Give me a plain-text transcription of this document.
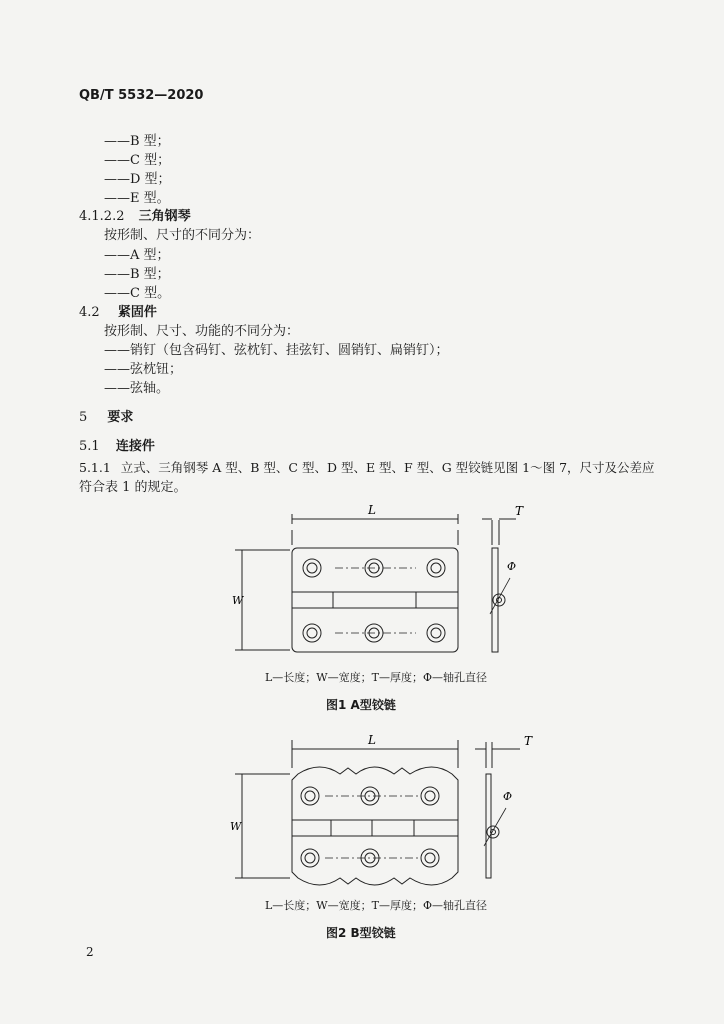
QB/T 5532—2020
——B 型；
——C 型；
——D 型；
——E 型。
4.1.2.2 三角钢琴
按形制、尺寸的不同分为：
——A 型；
——B 型；
——C 型。
4.2 紧固件
按形制、尺寸、功能的不同分为：
——销钉（包含码钉、弦枕钉、挂弦钉、圆销钉、扁销钉）；
——弦枕钮；
——弦轴。
5 要求
5.1 连接件
5.1.1 立式、三角钢琴 A 型、B 型、C 型、D 型、E 型、F 型、G 型铰链见图 1～图 7，尺寸及公差应
符合表 1 的规定。
L	T
W
Φ
L—长度；W—宽度；T—厚度；Φ—轴孔直径
图1 A型铰链
L	T
W
Φ
L—长度；W—宽度；T—厚度；Φ—轴孔直径
图2 B型铰链
2
